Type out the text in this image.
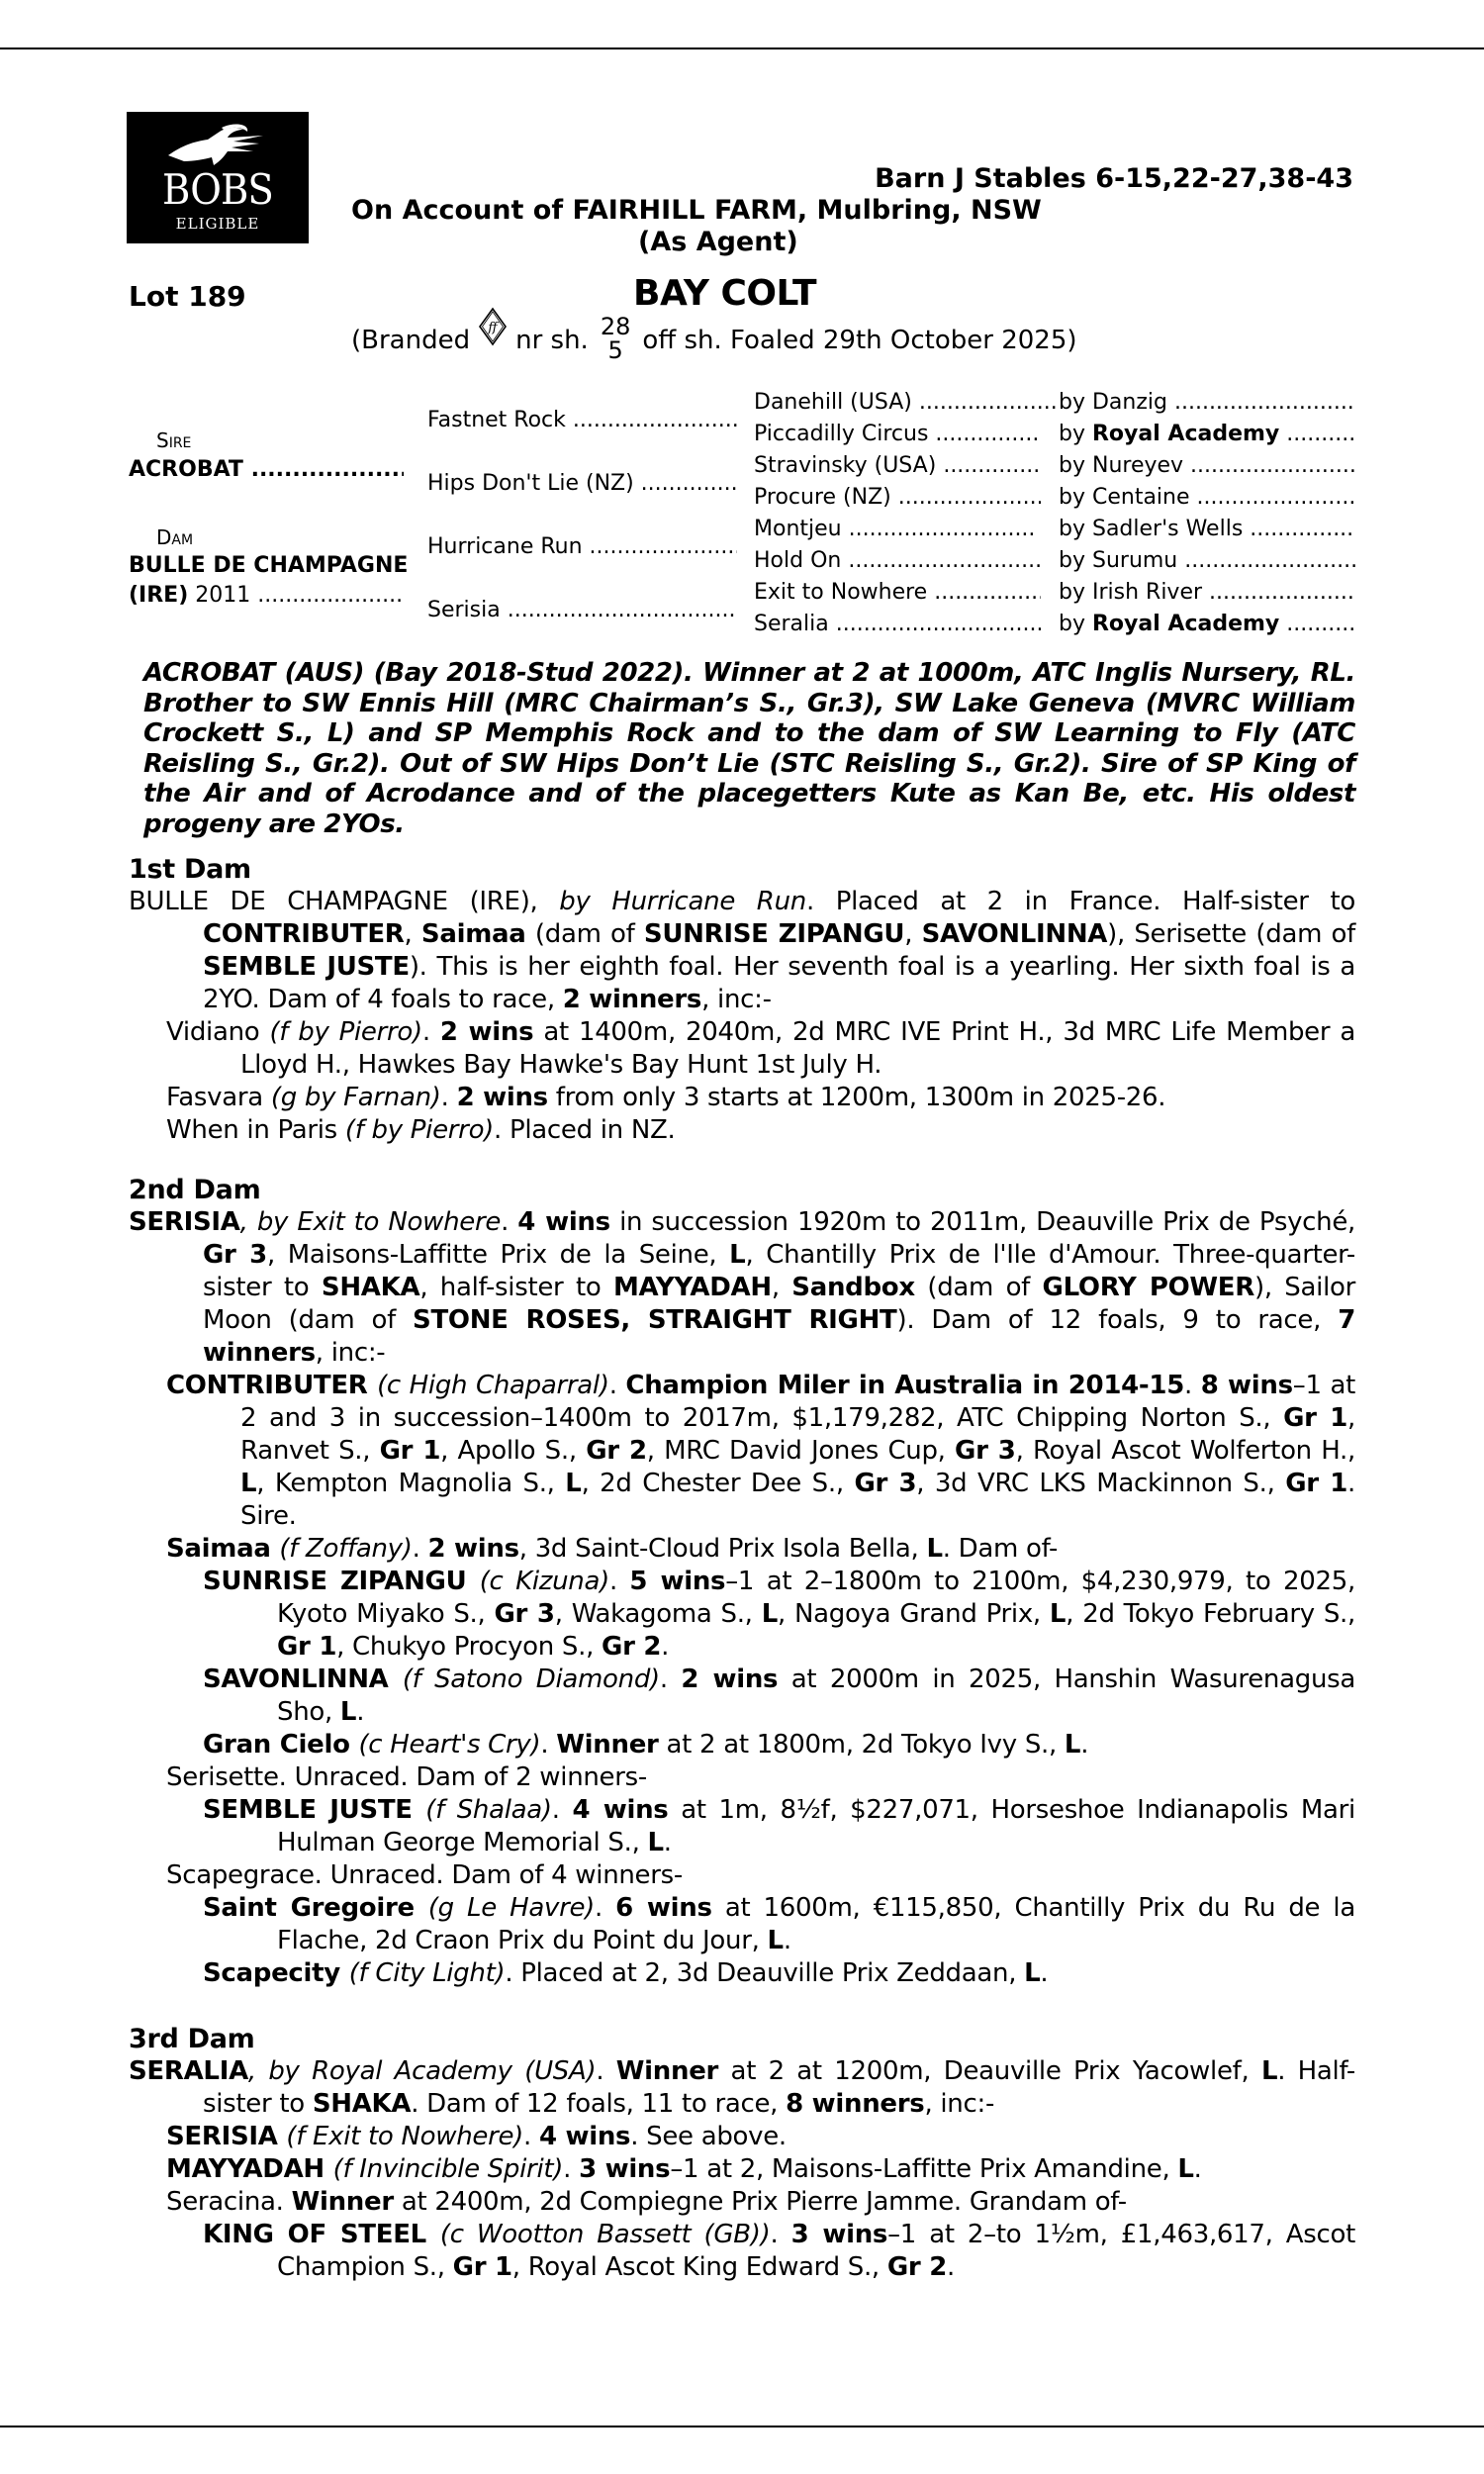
BOBS
ELIGIBLE
Barn J Stables 6-15,22-27,38-43
On Account of FAIRHILL FARM, Mulbring, NSW
(As Agent)
Lot 189	BAY COLT
(Branded ff nr sh. 28
5 off sh. Foaled 29th October 2025)
Sire
ACROBAT .....
Dam
BULLE DE CHAMPAGNE
(IRE) 2011 .....
Fastnet Rock .....
Hips Don't Lie (NZ) .....
Hurricane Run .....
Serisia .....
Danehill (USA) .....
Piccadilly Circus .....
Stravinsky (USA) .....
Procure (NZ) .....
Montjeu .....
Hold On .....
Exit to Nowhere .....
Seralia .....
by Danzig .....
by Royal Academy .....
by Nureyev .....
by Centaine .....
by Sadler's Wells .....
by Surumu .....
by Irish River .....
by Royal Academy .....
ACROBAT (AUS) (Bay 2018-Stud 2022). Winner at 2 at 1000m, ATC Inglis Nursery, RL. Brother to SW Ennis Hill (MRC Chairman’s S., Gr.3), SW Lake Geneva (MVRC William Crockett S., L) and SP Memphis Rock and to the dam of SW Learning to Fly (ATC Reisling S., Gr.2). Out of SW Hips Don’t Lie (STC Reisling S., Gr.2). Sire of SP King of the Air and of Acrodance and of the placegetters Kute as Kan Be, etc. His oldest progeny are 2YOs.
1st Dam
BULLE DE CHAMPAGNE (IRE), by Hurricane Run. Placed at 2 in France. Half-sister to CONTRIBUTER, Saimaa (dam of SUNRISE ZIPANGU, SAVONLINNA), Serisette (dam of SEMBLE JUSTE). This is her eighth foal. Her seventh foal is a yearling. Her sixth foal is a 2YO. Dam of 4 foals to race, 2 winners, inc:-
Vidiano (f by Pierro). 2 wins at 1400m, 2040m, 2d MRC IVE Print H., 3d MRC Life Member a Lloyd H., Hawkes Bay Hawke's Bay Hunt 1st July H.
Fasvara (g by Farnan). 2 wins from only 3 starts at 1200m, 1300m in 2025-26.
When in Paris (f by Pierro). Placed in NZ.
2nd Dam
SERISIA, by Exit to Nowhere. 4 wins in succession 1920m to 2011m, Deauville Prix de Psyché, Gr 3, Maisons-Laffitte Prix de la Seine, L, Chantilly Prix de l'Ile d'Amour. Three-quarter-sister to SHAKA, half-sister to MAYYADAH, Sandbox (dam of GLORY POWER), Sailor Moon (dam of STONE ROSES, STRAIGHT RIGHT). Dam of 12 foals, 9 to race, 7 winners, inc:-
CONTRIBUTER (c High Chaparral). Champion Miler in Australia in 2014-15. 8 wins–1 at 2 and 3 in succession–1400m to 2017m, $1,179,282, ATC Chipping Norton S., Gr 1, Ranvet S., Gr 1, Apollo S., Gr 2, MRC David Jones Cup, Gr 3, Royal Ascot Wolferton H., L, Kempton Magnolia S., L, 2d Chester Dee S., Gr 3, 3d VRC LKS Mackinnon S., Gr 1. Sire.
Saimaa (f Zoffany). 2 wins, 3d Saint-Cloud Prix Isola Bella, L. Dam of-
SUNRISE ZIPANGU (c Kizuna). 5 wins–1 at 2–1800m to 2100m, $4,230,979, to 2025, Kyoto Miyako S., Gr 3, Wakagoma S., L, Nagoya Grand Prix, L, 2d Tokyo February S., Gr 1, Chukyo Procyon S., Gr 2.
SAVONLINNA (f Satono Diamond). 2 wins at 2000m in 2025, Hanshin Wasurenagusa Sho, L.
Gran Cielo (c Heart's Cry). Winner at 2 at 1800m, 2d Tokyo Ivy S., L.
Serisette. Unraced. Dam of 2 winners-
SEMBLE JUSTE (f Shalaa). 4 wins at 1m, 8½f, $227,071, Horseshoe Indianapolis Mari Hulman George Memorial S., L.
Scapegrace. Unraced. Dam of 4 winners-
Saint Gregoire (g Le Havre). 6 wins at 1600m, €115,850, Chantilly Prix du Ru de la Flache, 2d Craon Prix du Point du Jour, L.
Scapecity (f City Light). Placed at 2, 3d Deauville Prix Zeddaan, L.
3rd Dam
SERALIA, by Royal Academy (USA). Winner at 2 at 1200m, Deauville Prix Yacowlef, L. Half-sister to SHAKA. Dam of 12 foals, 11 to race, 8 winners, inc:-
SERISIA (f Exit to Nowhere). 4 wins. See above.
MAYYADAH (f Invincible Spirit). 3 wins–1 at 2, Maisons-Laffitte Prix Amandine, L.
Seracina. Winner at 2400m, 2d Compiegne Prix Pierre Jamme. Grandam of-
KING OF STEEL (c Wootton Bassett (GB)). 3 wins–1 at 2–to 1½m, £1,463,617, Ascot Champion S., Gr 1, Royal Ascot King Edward S., Gr 2.
